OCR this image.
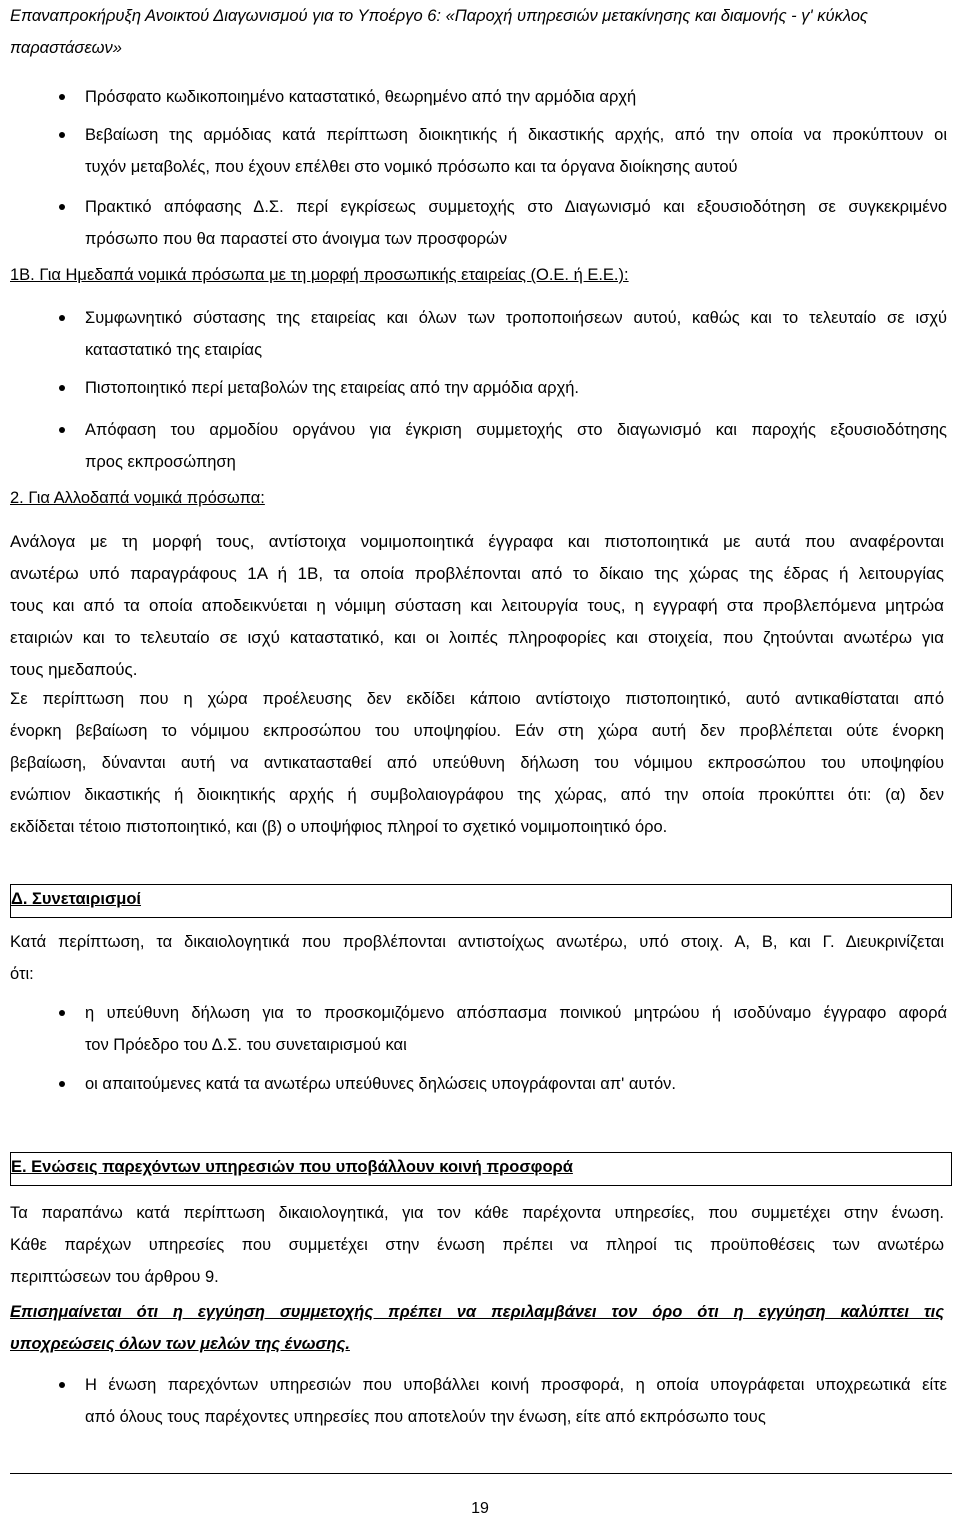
Επαναπροκήρυξη Ανοικτού Διαγωνισμού για το Υποέργο 6: «Παροχή υπηρεσιών μετακίνησης και διαμονής - γ' κύκλος
παραστάσεων»

Πρόσφατο κωδικοποιημένο καταστατικό, θεωρημένο από την αρμόδια αρχή

Βεβαίωση της αρμόδιας κατά περίπτωση διοικητικής ή δικαστικής αρχής, από την οποία να προκύπτουν οι
τυχόν μεταβολές, που έχουν επέλθει στο νομικό πρόσωπο και τα όργανα διοίκησης αυτού

Πρακτικό απόφασης Δ.Σ. περί εγκρίσεως συμμετοχής στο Διαγωνισμό και εξουσιοδότηση σε συγκεκριμένο
πρόσωπο που θα παραστεί στο άνοιγμα των προσφορών

1Β. Για Ημεδαπά νομικά πρόσωπα με τη μορφή προσωπικής εταιρείας (Ο.Ε. ή Ε.Ε.):

Συμφωνητικό σύστασης της εταιρείας και όλων των τροποποιήσεων αυτού, καθώς και το τελευταίο σε ισχύ
καταστατικό της εταιρίας

Πιστοποιητικό περί μεταβολών της εταιρείας από την αρμόδια αρχή.

Απόφαση του αρμοδίου οργάνου για έγκριση συμμετοχής στο διαγωνισμό και παροχής εξουσιοδότησης
προς εκπροσώπηση

2. Για Αλλοδαπά νομικά πρόσωπα:

Ανάλογα με τη μορφή τους, αντίστοιχα νομιμοποιητικά έγγραφα και πιστοποιητικά με αυτά που αναφέρονται
ανωτέρω υπό παραγράφους 1Α ή 1Β, τα οποία προβλέπονται από το δίκαιο της χώρας της έδρας ή λειτουργίας
τους και από τα οποία αποδεικνύεται η νόμιμη σύσταση και λειτουργία τους, η εγγραφή στα προβλεπόμενα μητρώα
εταιριών και το τελευταίο σε ισχύ καταστατικό, και οι λοιπές πληροφορίες και στοιχεία, που ζητούνται ανωτέρω για
τους ημεδαπούς.

Σε περίπτωση που η χώρα προέλευσης δεν εκδίδει κάποιο αντίστοιχο πιστοποιητικό, αυτό αντικαθίσταται από
ένορκη βεβαίωση το νόμιμου εκπροσώπου του υποψηφίου. Εάν στη χώρα αυτή δεν προβλέπεται ούτε ένορκη
βεβαίωση, δύνανται αυτή να αντικατασταθεί από υπεύθυνη δήλωση του νόμιμου εκπροσώπου του υποψηφίου
ενώπιον δικαστικής ή διοικητικής αρχής ή συμβολαιογράφου της χώρας, από την οποία προκύπτει ότι: (α) δεν
εκδίδεται τέτοιο πιστοποιητικό, και (β) ο υποψήφιος πληροί το σχετικό νομιμοποιητικό όρο.

Δ. Συνεταιρισμοί

Κατά περίπτωση, τα δικαιολογητικά που προβλέπονται αντιστοίχως ανωτέρω, υπό στοιχ. Α, Β, και Γ. Διευκρινίζεται
ότι:

η υπεύθυνη δήλωση για το προσκομιζόμενο απόσπασμα ποινικού μητρώου ή ισοδύναμο έγγραφο αφορά
τον Πρόεδρο του Δ.Σ. του συνεταιρισμού και

οι απαιτούμενες κατά τα ανωτέρω υπεύθυνες δηλώσεις υπογράφονται απ' αυτόν.

Ε. Ενώσεις παρεχόντων υπηρεσιών που υποβάλλουν κοινή προσφορά

Τα παραπάνω κατά περίπτωση δικαιολογητικά, για τον κάθε παρέχοντα υπηρεσίες, που συμμετέχει στην ένωση.
Κάθε παρέχων υπηρεσίες που συμμετέχει στην ένωση πρέπει να πληροί τις προϋποθέσεις των ανωτέρω
περιπτώσεων του άρθρου 9.

Επισημαίνεται ότι η εγγύηση συμμετοχής πρέπει να περιλαμβάνει τον όρο ότι η εγγύηση καλύπτει τις
υποχρεώσεις όλων των μελών της ένωσης.

Η ένωση παρεχόντων υπηρεσιών που υποβάλλει κοινή προσφορά, η οποία υπογράφεται υποχρεωτικά είτε
από όλους τους παρέχοντες υπηρεσίες που αποτελούν την ένωση, είτε από εκπρόσωπο τους

19
